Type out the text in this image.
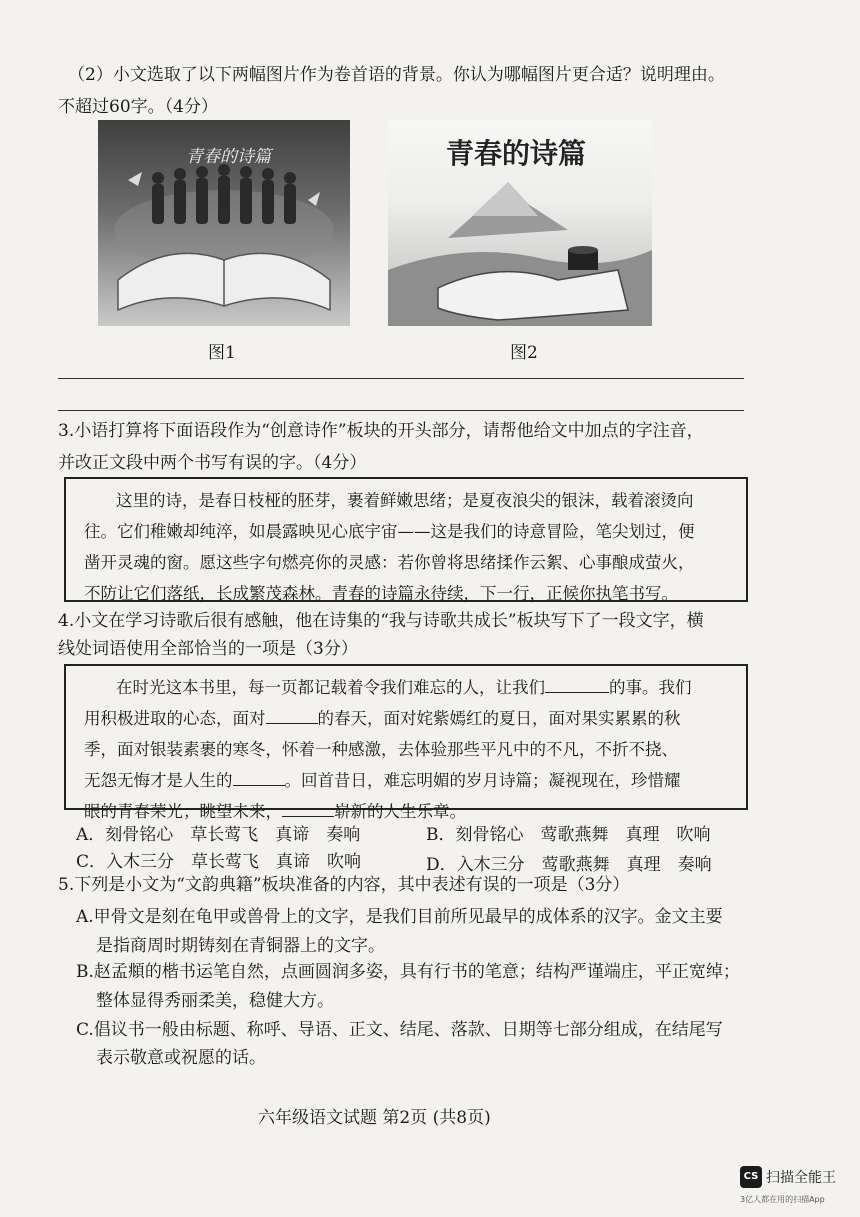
（2）小文选取了以下两幅图片作为卷首语的背景。你认为哪幅图片更合适？说明理由。
不超过60字。（4分）
青春的诗篇	青春的诗篇
图1	图2
3.小语打算将下面语段作为“创意诗作”板块的开头部分，请帮他给文中加点的字注音，
并改正文段中两个书写有误的字。（4分）

这里的诗，是春日枝桠的胚芽，裹着鲜嫩思绪；是夏夜浪尖的银沫，载着滚烫向

往。它们稚嫩却纯淬，如晨露映见心底宇宙——这是我们的诗意冒险，笔尖划过，便

凿开灵魂的窗。愿这些字句燃亮你的灵感：若你曾将思绪揉作云絮、心事酿成萤火，

不防让它们落纸，长成繁茂森林。青春的诗篇永待续，下一行，正候你执笔书写。

4.小文在学习诗歌后很有感触，他在诗集的“我与诗歌共成长”板块写下了一段文字，横
线处词语使用全部恰当的一项是（3分）

在时光这本书里，每一页都记载着令我们难忘的人，让我们	的事。我们

用积极进取的心态，面对	的春天，面对姹紫嫣红的夏日，面对果实累累的秋

季，面对银装素裹的寒冬，怀着一种感激，去体验那些平凡中的不凡，不折不挠、

无怨无悔才是人生的	。回首昔日，难忘明媚的岁月诗篇；凝视现在，珍惜耀

眼的青春荣光；眺望未来，	崭新的人生乐章。

A．刻骨铭心　草长莺飞　真谛　奏响	B．刻骨铭心　莺歌燕舞　真理　吹响
C．入木三分　草长莺飞　真谛　吹响	D．入木三分　莺歌燕舞　真理　奏响
5.下列是小文为“文韵典籍”板块准备的内容，其中表述有误的一项是（3分）
A.甲骨文是刻在龟甲或兽骨上的文字，是我们目前所见最早的成体系的汉字。金文主要
是指商周时期铸刻在青铜器上的文字。
B.赵孟頫的楷书运笔自然，点画圆润多姿，具有行书的笔意；结构严谨端庄，平正宽绰；
整体显得秀丽柔美，稳健大方。
C.倡议书一般由标题、称呼、导语、正文、结尾、落款、日期等七部分组成，在结尾写
表示敬意或祝愿的话。
六年级语文试题 第2页 (共8页)
CS 扫描全能王
3亿人都在用的扫描App
